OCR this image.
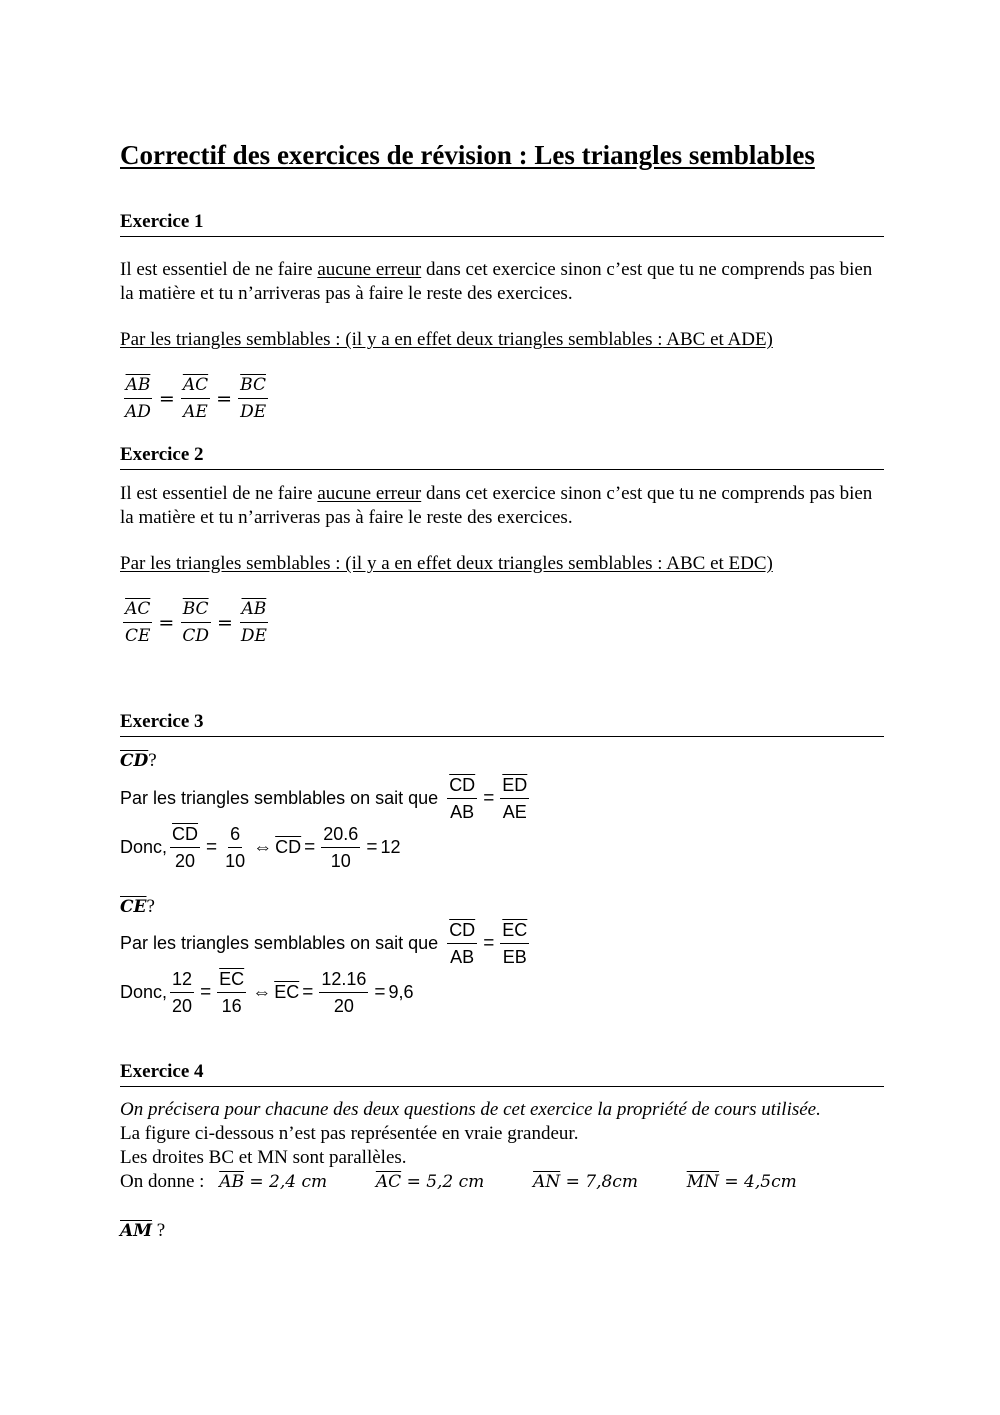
Correctif des exercices de révision : Les triangles semblables
Exercice 1

Il est essentiel de ne faire aucune erreur dans cet exercice sinon c’est que tu ne comprends pas bien la matière et tu n’arriveras pas à faire le reste des exercices.

Par les triangles semblables : (il y a en effet deux triangles semblables : ABC et ADE)
$\frac{\overline{AB}}{AD} = \frac{\overline{AC}}{AE} = \frac{\overline{BC}}{DE}$
Exercice 2

Il est essentiel de ne faire aucune erreur dans cet exercice sinon c’est que tu ne comprends pas bien la matière et tu n’arriveras pas à faire le reste des exercices.

Par les triangles semblables : (il y a en effet deux triangles semblables : ABC et EDC)
$\frac{\overline{AC}}{CE} = \frac{\overline{BC}}{CD} = \frac{\overline{AB}}{DE}$
Exercice 3
$\overline{CD}$?
Par les triangles semblables on sait que $\frac{\overline{CD}}{AB} = \frac{\overline{ED}}{AE}$
Donc, $\frac{\overline{CD}}{20} = \frac{6}{10}$ ⇔ $\overline{CD} = \frac{20.6}{10} = 12$
$\overline{CE}$?
Par les triangles semblables on sait que $\frac{\overline{CD}}{AB} = \frac{\overline{EC}}{EB}$
Donc, $\frac{12}{20} = \frac{\overline{EC}}{16}$ ⇔ $\overline{EC} = \frac{12.16}{20} = 9,6$
Exercice 4
On précisera pour chacune des deux questions de cet exercice la propriété de cours utilisée.
La figure ci-dessous n’est pas représentée en vraie grandeur.
Les droites BC et MN sont parallèles.
On donne : $\overline{AB} = 2,4$ cm	$\overline{AC} = 5,2$ cm	$\overline{AN} = 7,8cm$	$\overline{MN} = 4,5cm$
$\overline{AM}$ ?
